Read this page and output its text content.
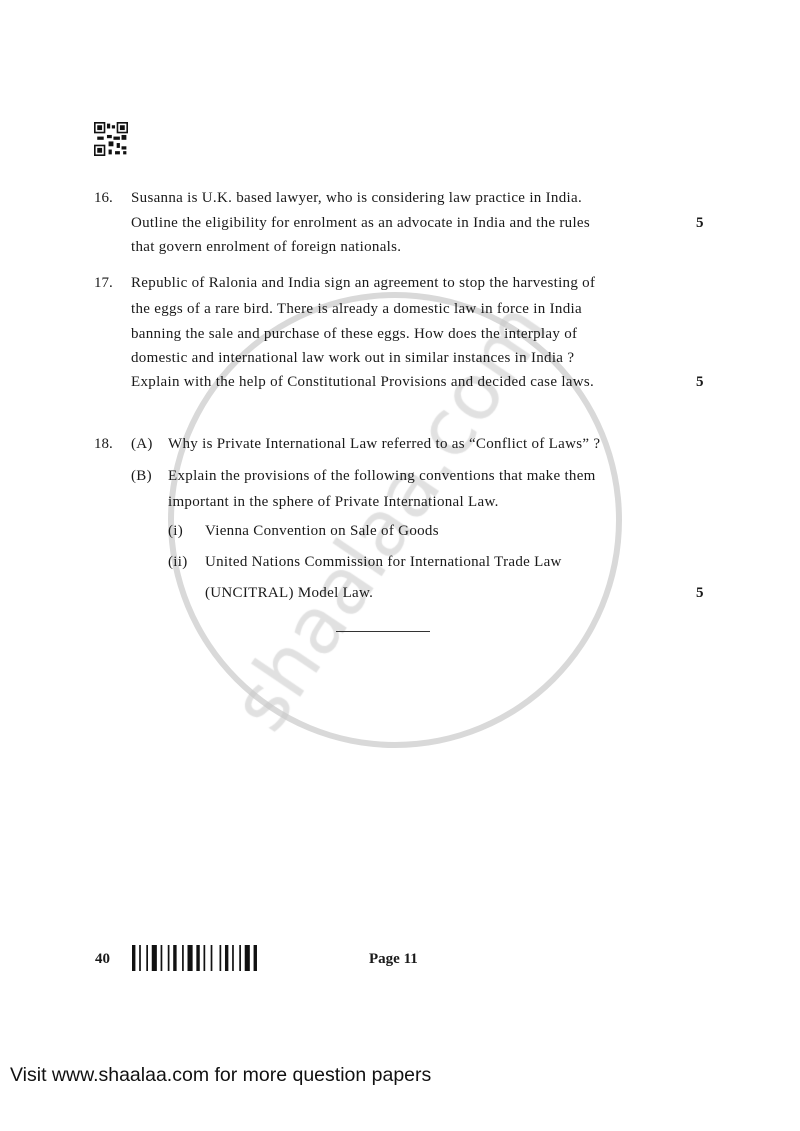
16. Susanna is U.K. based lawyer, who is considering law practice in India.
Outline the eligibility for enrolment as an advocate in India and the rules
that govern enrolment of foreign nationals.
5
17. Republic of Ralonia and India sign an agreement to stop the harvesting of
the eggs of a rare bird. There is already a domestic law in force in India
banning the sale and purchase of these eggs. How does the interplay of
domestic and international law work out in similar instances in India ?
Explain with the help of Constitutional Provisions and decided case laws.	5
18. (A) Why is Private International Law referred to as “Conflict of Laws” ?
(B) Explain the provisions of the following conventions that make them
important in the sphere of Private International Law.
(i) Vienna Convention on Sale of Goods
(ii) United Nations Commission for International Trade Law
(UNCITRAL) Model Law.	5
40	Page 11
Visit www.shaalaa.com for more question papers
